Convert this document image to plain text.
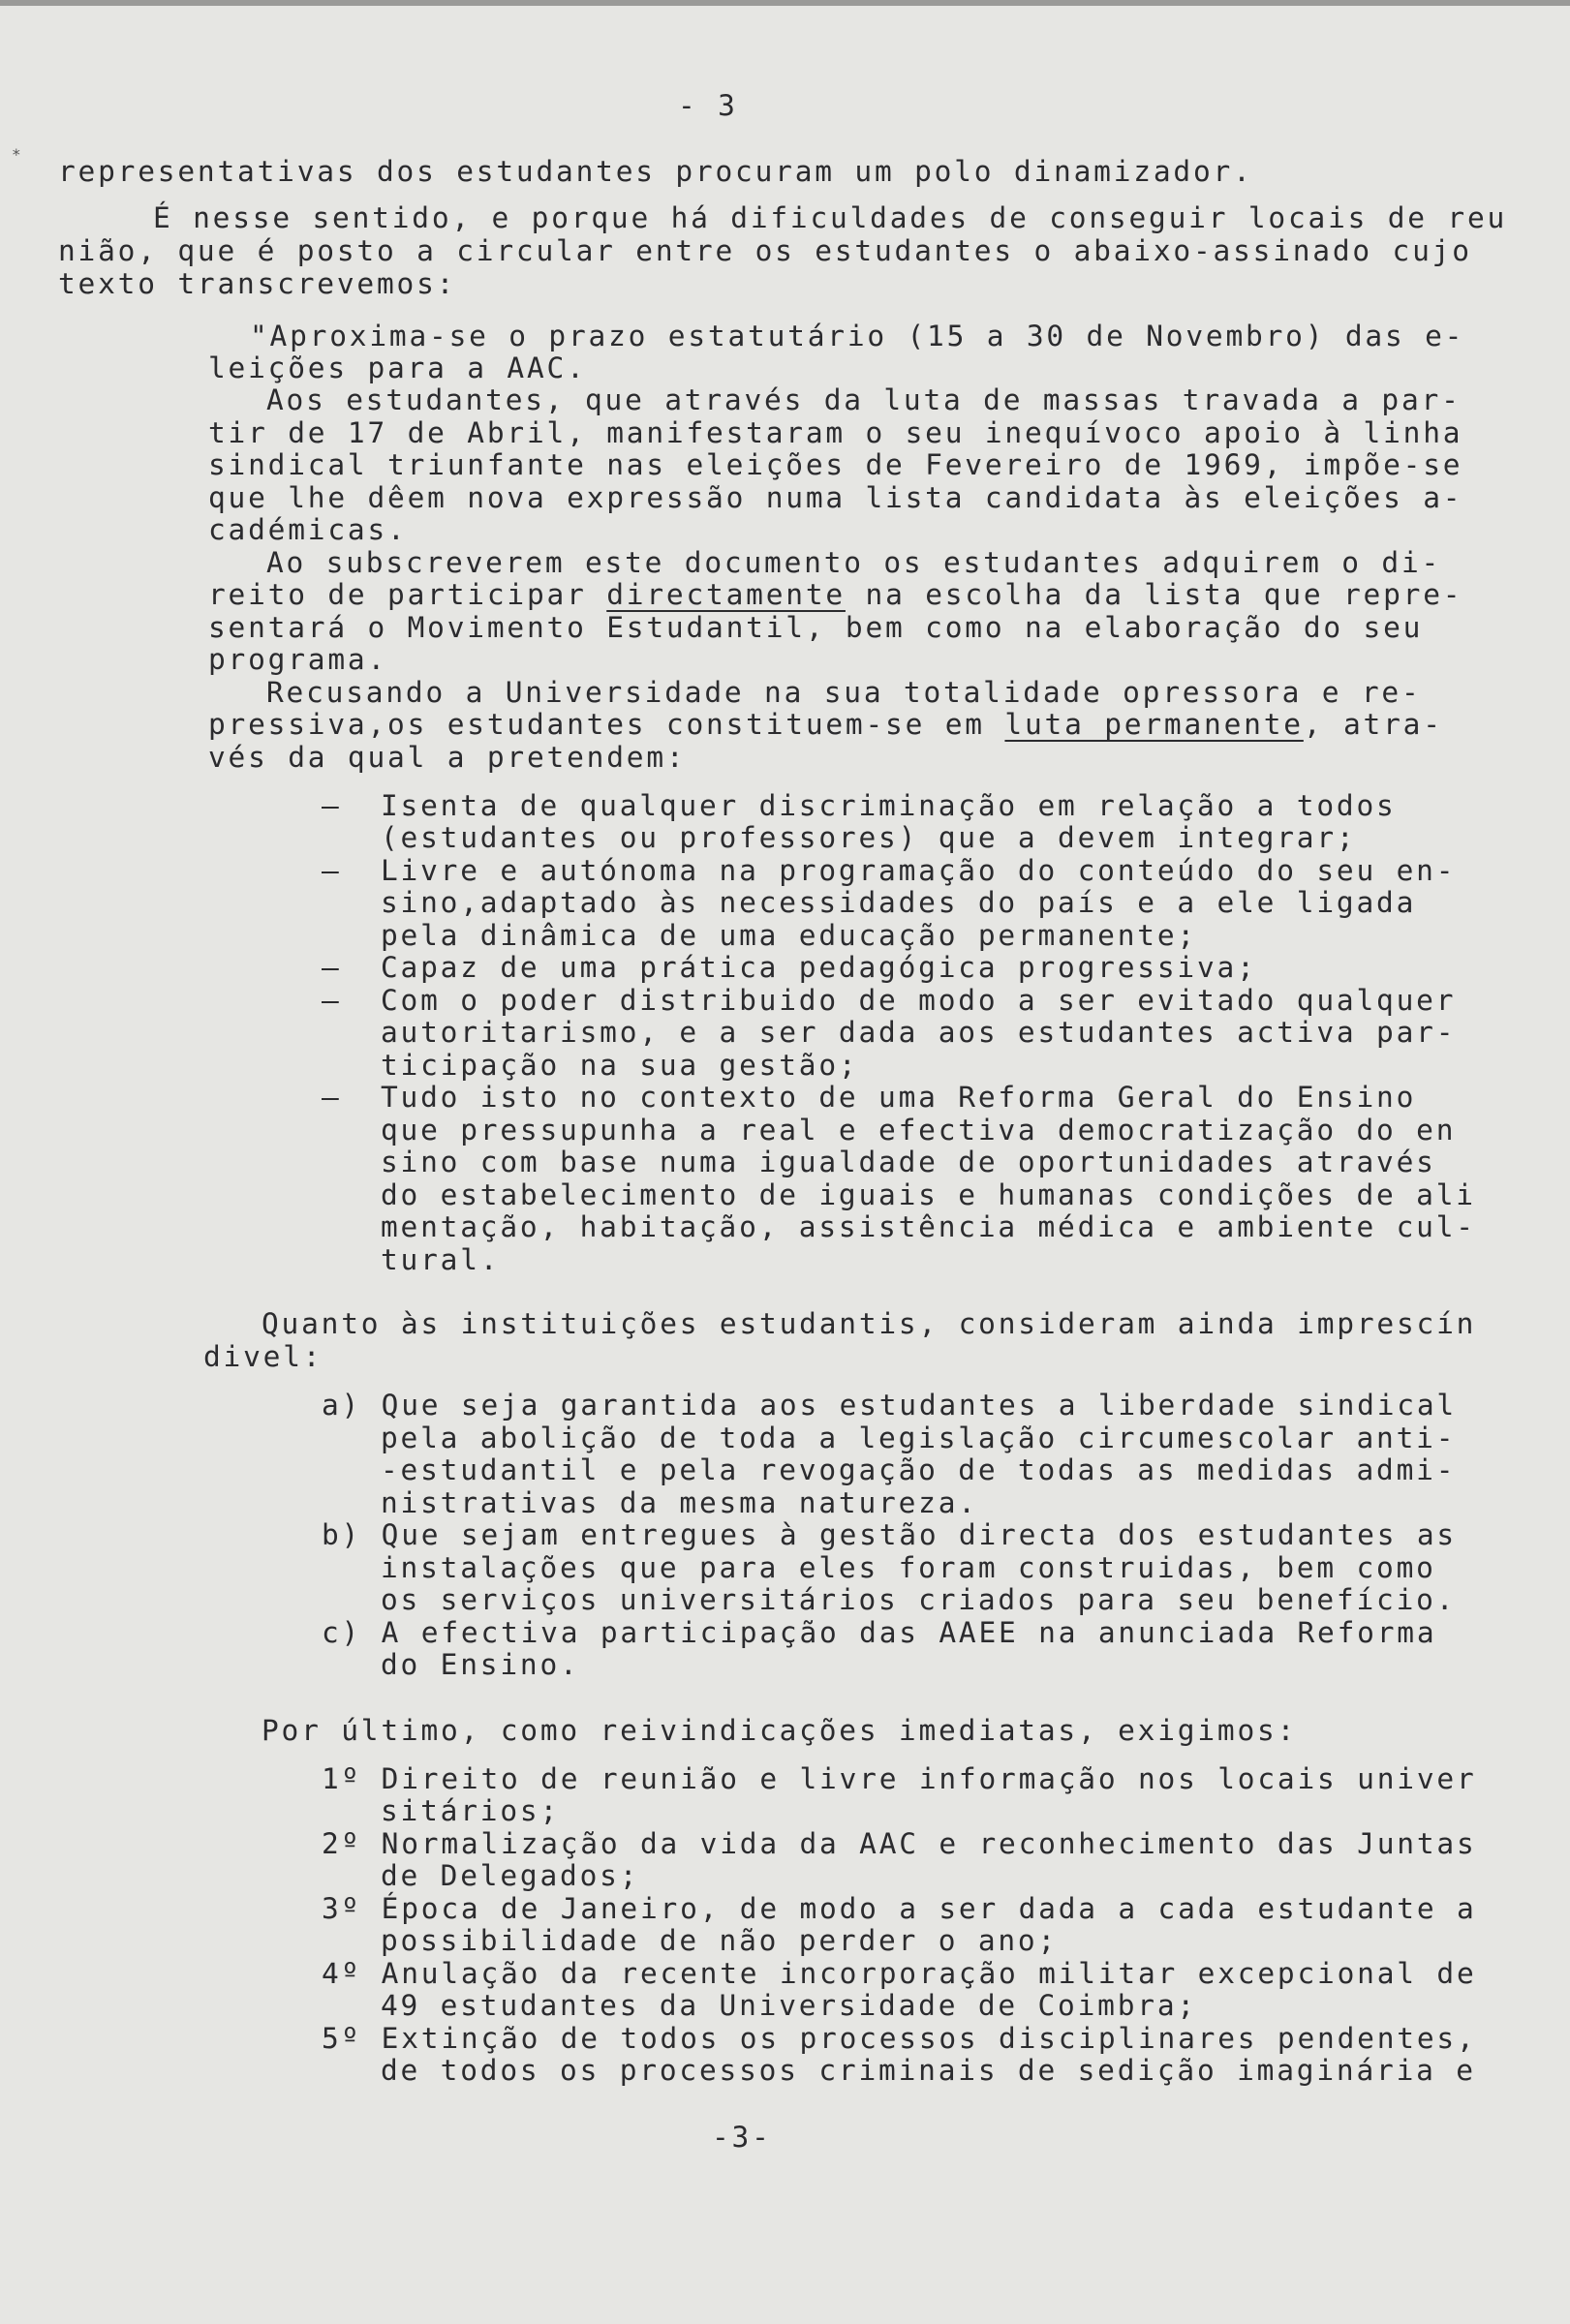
*
- 3
representativas dos estudantes procuram um polo dinamizador.
É nesse sentido, e porque há dificuldades de conseguir locais de reu
nião, que é posto a circular entre os estudantes o abaixo-assinado cujo
texto transcrevemos:
"Aproxima-se o prazo estatutário (15 a 30 de Novembro) das e-
leições para a AAC.
Aos estudantes, que através da luta de massas travada a par-
tir de 17 de Abril, manifestaram o seu inequívoco apoio à linha
sindical triunfante nas eleições de Fevereiro de 1969, impõe-se
que lhe dêem nova expressão numa lista candidata às eleições a-
cadémicas.
Ao subscreverem este documento os estudantes adquirem o di-
reito de participar directamente na escolha da lista que repre-
sentará o Movimento Estudantil, bem como na elaboração do seu
programa.
Recusando a Universidade na sua totalidade opressora e re-
pressiva,os estudantes constituem-se em luta permanente, atra-
vés da qual a pretendem:
— Isenta de qualquer discriminação em relação a todos
(estudantes ou professores) que a devem integrar;
— Livre e autónoma na programação do conteúdo do seu en-
sino,adaptado às necessidades do país e a ele ligada
pela dinâmica de uma educação permanente;
— Capaz de uma prática pedagógica progressiva;
— Com o poder distribuido de modo a ser evitado qualquer
autoritarismo, e a ser dada aos estudantes activa par-
ticipação na sua gestão;
— Tudo isto no contexto de uma Reforma Geral do Ensino
que pressupunha a real e efectiva democratização do en
sino com base numa igualdade de oportunidades através
do estabelecimento de iguais e humanas condições de ali
mentação, habitação, assistência médica e ambiente cul-
tural.
Quanto às instituições estudantis, consideram ainda imprescín
divel:
a) Que seja garantida aos estudantes a liberdade sindical
pela abolição de toda a legislação circumescolar anti-
-estudantil e pela revogação de todas as medidas admi-
nistrativas da mesma natureza.
b) Que sejam entregues à gestão directa dos estudantes as
instalações que para eles foram construidas, bem como
os serviços universitários criados para seu benefício.
c) A efectiva participação das AAEE na anunciada Reforma
do Ensino.
Por último, como reivindicações imediatas, exigimos:
1º Direito de reunião e livre informação nos locais univer
sitários;
2º Normalização da vida da AAC e reconhecimento das Juntas
de Delegados;
3º Época de Janeiro, de modo a ser dada a cada estudante a
possibilidade de não perder o ano;
4º Anulação da recente incorporação militar excepcional de
49 estudantes da Universidade de Coimbra;
5º Extinção de todos os processos disciplinares pendentes,
de todos os processos criminais de sedição imaginária e
-3-
